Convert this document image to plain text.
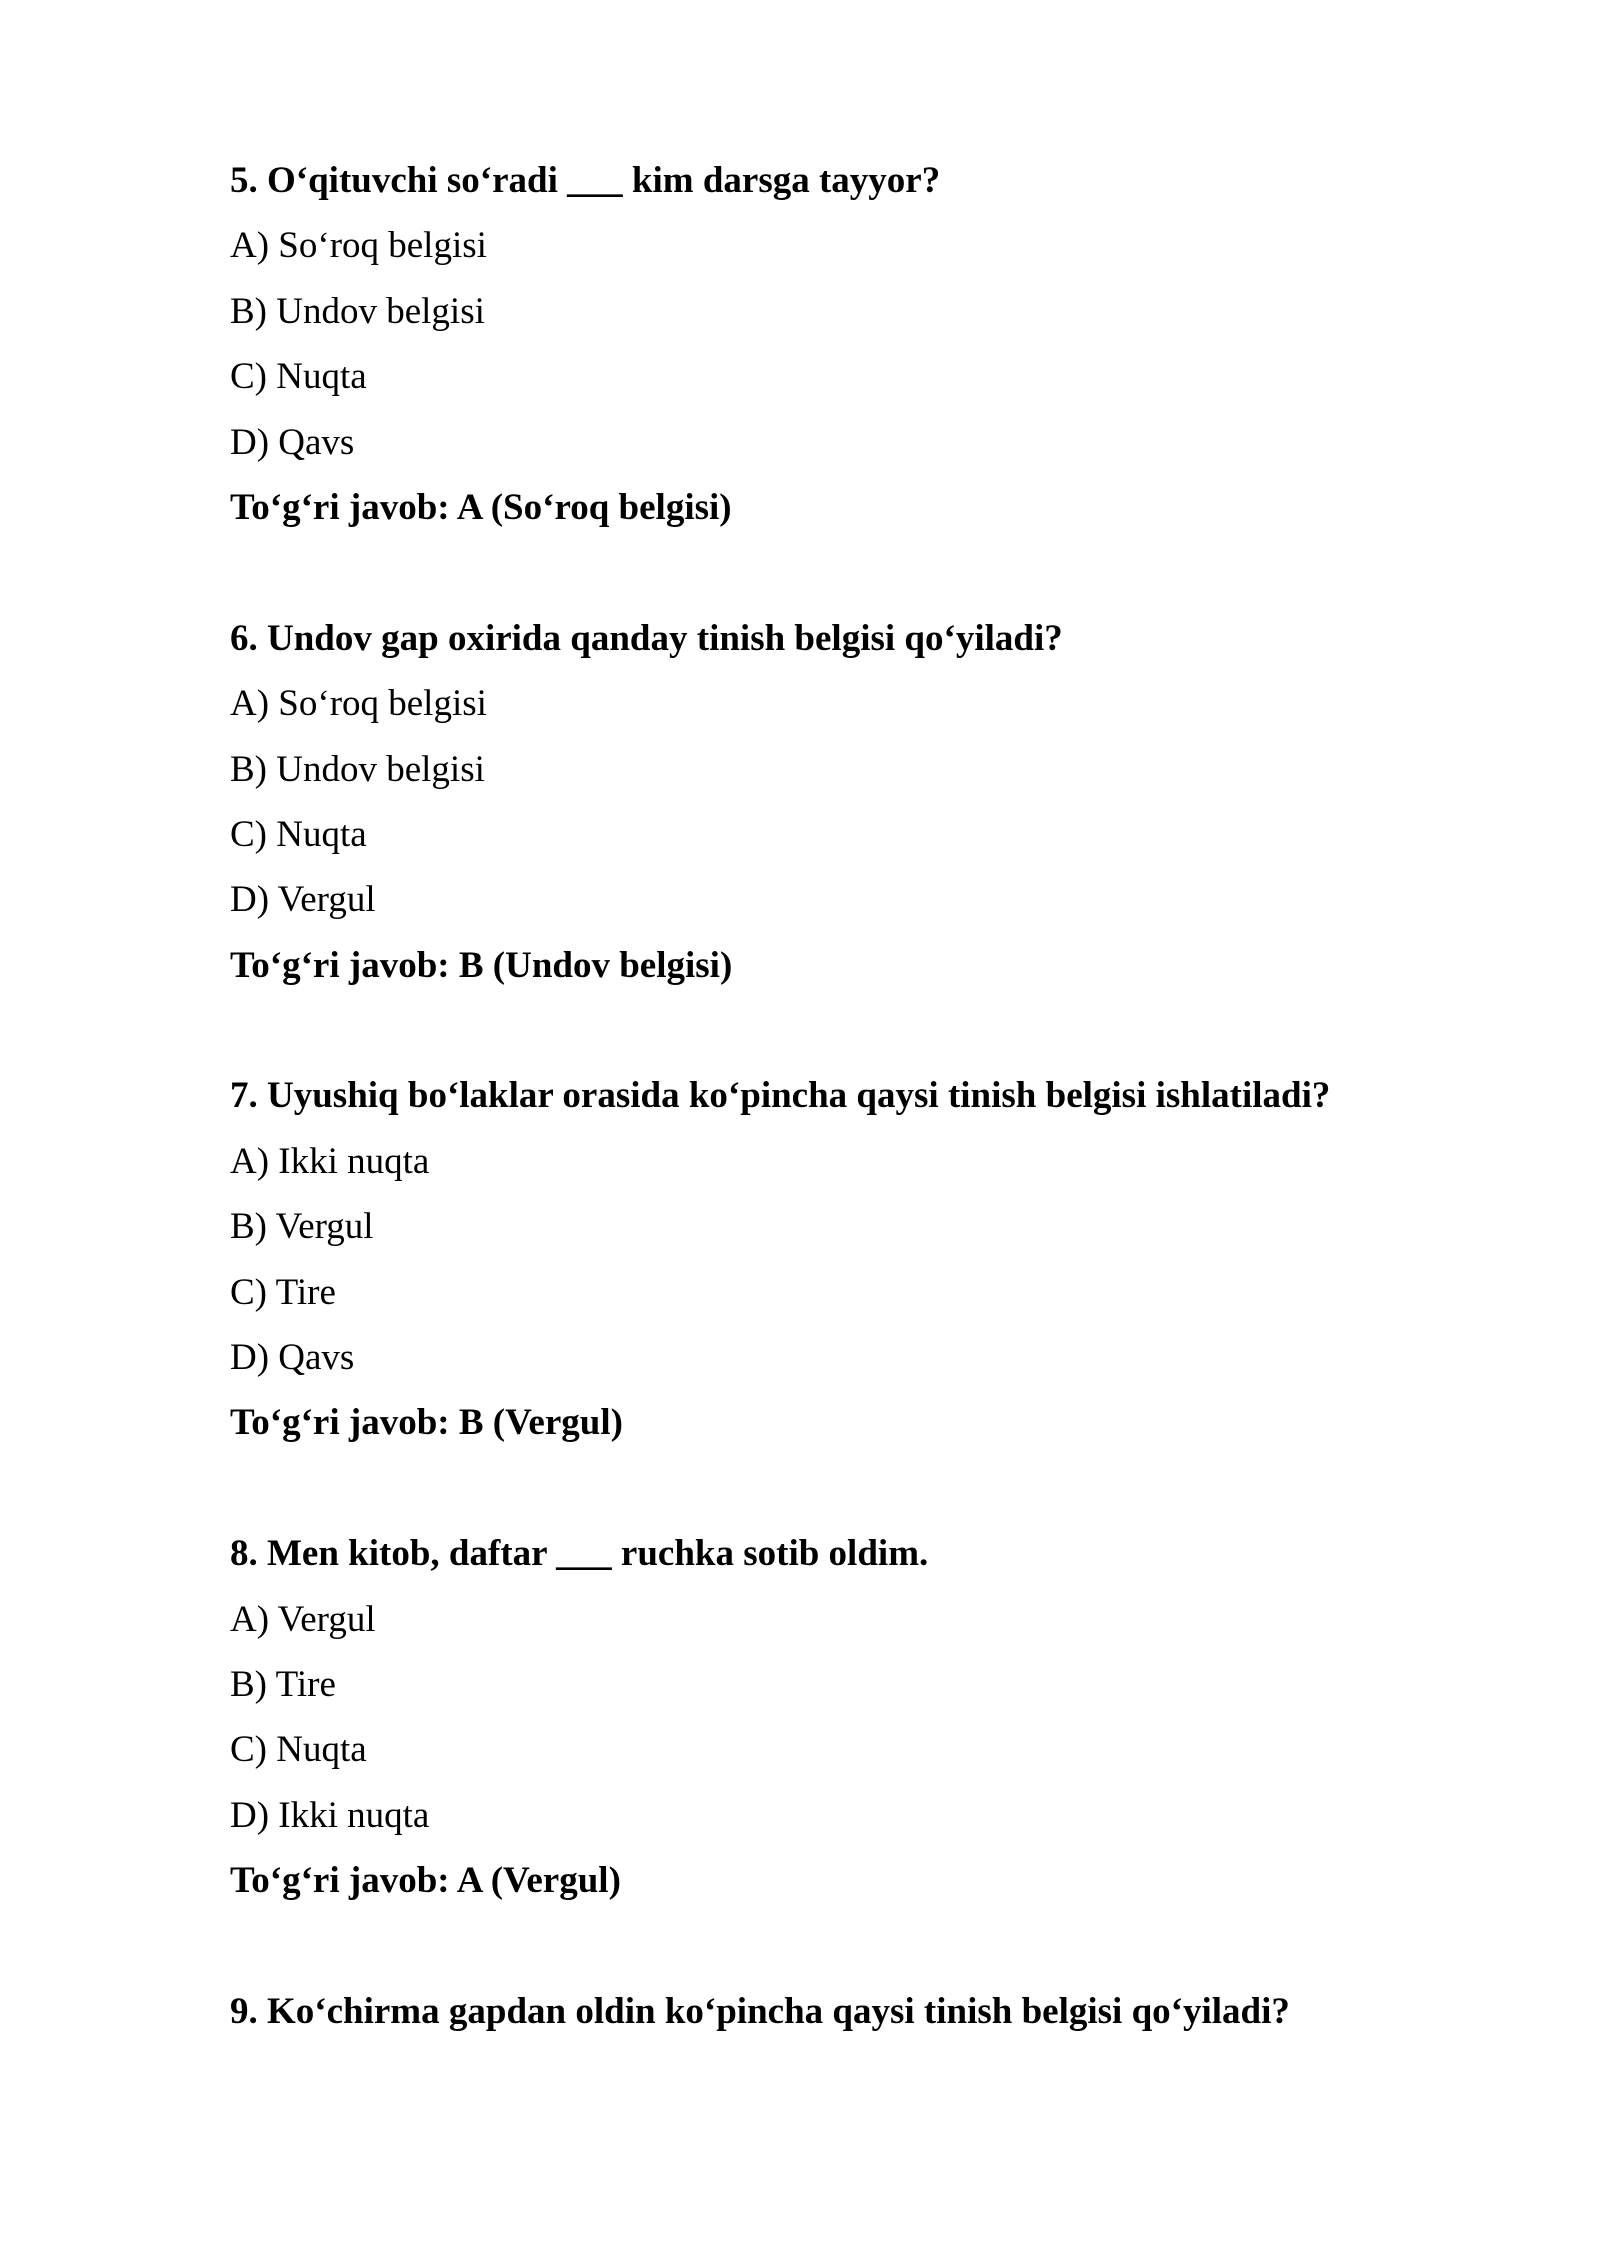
5. O‘qituvchi so‘radi ___ kim darsga tayyor?
A) So‘roq belgisi
B) Undov belgisi
C) Nuqta
D) Qavs
To‘g‘ri javob: A (So‘roq belgisi)
6. Undov gap oxirida qanday tinish belgisi qo‘yiladi?
A) So‘roq belgisi
B) Undov belgisi
C) Nuqta
D) Vergul
To‘g‘ri javob: B (Undov belgisi)
7. Uyushiq bo‘laklar orasida ko‘pincha qaysi tinish belgisi ishlatiladi?
A) Ikki nuqta
B) Vergul
C) Tire
D) Qavs
To‘g‘ri javob: B (Vergul)
8. Men kitob, daftar ___ ruchka sotib oldim.
A) Vergul
B) Tire
C) Nuqta
D) Ikki nuqta
To‘g‘ri javob: A (Vergul)
9. Ko‘chirma gapdan oldin ko‘pincha qaysi tinish belgisi qo‘yiladi?
